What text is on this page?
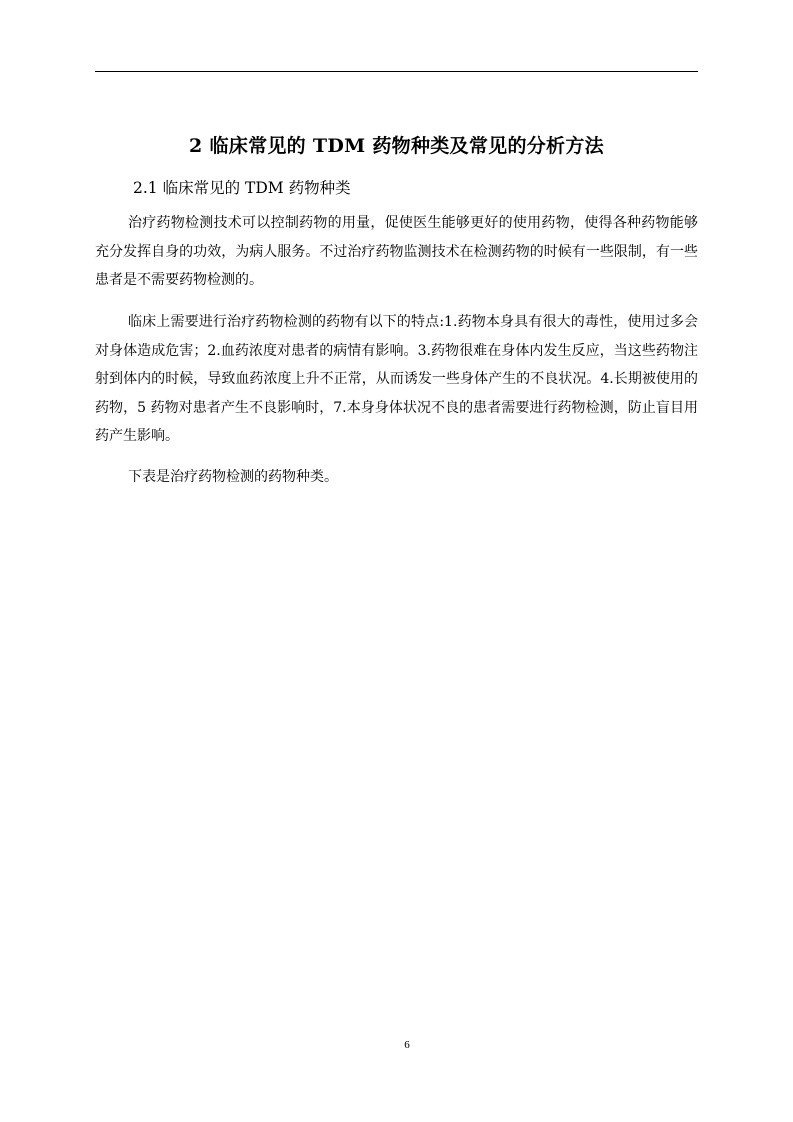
2 临床常见的 TDM 药物种类及常见的分析方法
2.1 临床常见的 TDM 药物种类

治疗药物检测技术可以控制药物的用量，促使医生能够更好的使用药物，使得各种药物能够充分发挥自身的功效，为病人服务。不过治疗药物监测技术在检测药物的时候有一些限制，有一些患者是不需要药物检测的。

临床上需要进行治疗药物检测的药物有以下的特点:1.药物本身具有很大的毒性，使用过多会对身体造成危害；2.血药浓度对患者的病情有影响。3.药物很难在身体内发生反应，当这些药物注射到体内的时候，导致血药浓度上升不正常，从而诱发一些身体产生的不良状况。4.长期被使用的药物，5 药物对患者产生不良影响时，7.本身身体状况不良的患者需要进行药物检测，防止盲目用药产生影响。

下表是治疗药物检测的药物种类。

6
